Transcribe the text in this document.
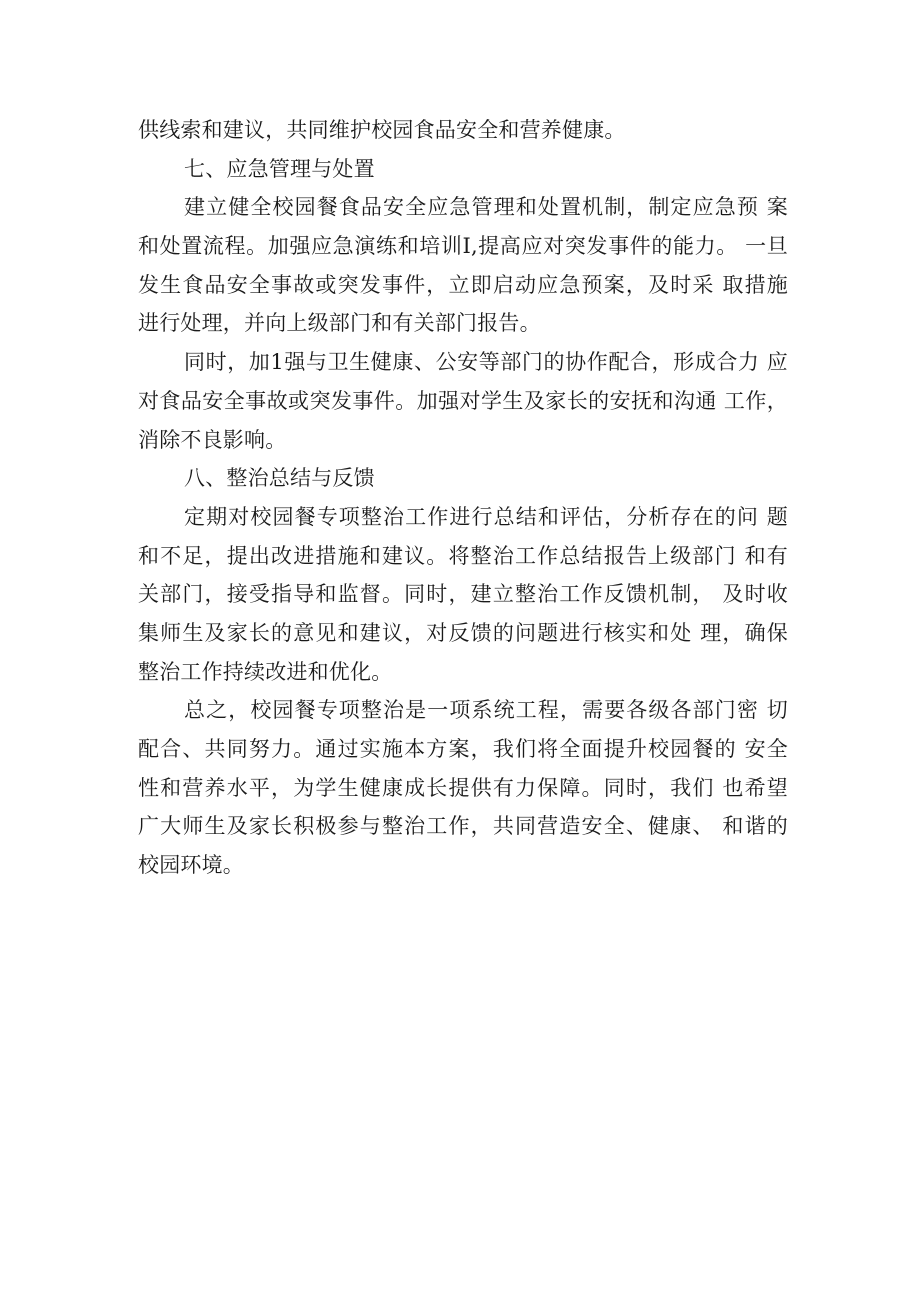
供线索和建议，共同维护校园食品安全和营养健康。
七、应急管理与处置
建立健全校园餐食品安全应急管理和处置机制，制定应急预 案
和处置流程。加强应急演练和培训I,提高应对突发事件的能力。 一旦
发生食品安全事故或突发事件，立即启动应急预案，及时采 取措施
进行处理，并向上级部门和有关部门报告。
同时，加1强与卫生健康、公安等部门的协作配合，形成合力 应
对食品安全事故或突发事件。加强对学生及家长的安抚和沟通 工作，
消除不良影响。
八、整治总结与反馈
定期对校园餐专项整治工作进行总结和评估，分析存在的问 题
和不足，提出改进措施和建议。将整治工作总结报告上级部门 和有
关部门，接受指导和监督。同时，建立整治工作反馈机制， 及时收
集师生及家长的意见和建议，对反馈的问题进行核实和处 理，确保
整治工作持续改进和优化。
总之，校园餐专项整治是一项系统工程，需要各级各部门密 切
配合、共同努力。通过实施本方案，我们将全面提升校园餐的 安全
性和营养水平，为学生健康成长提供有力保障。同时，我们 也希望
广大师生及家长积极参与整治工作，共同营造安全、健康、 和谐的
校园环境。
